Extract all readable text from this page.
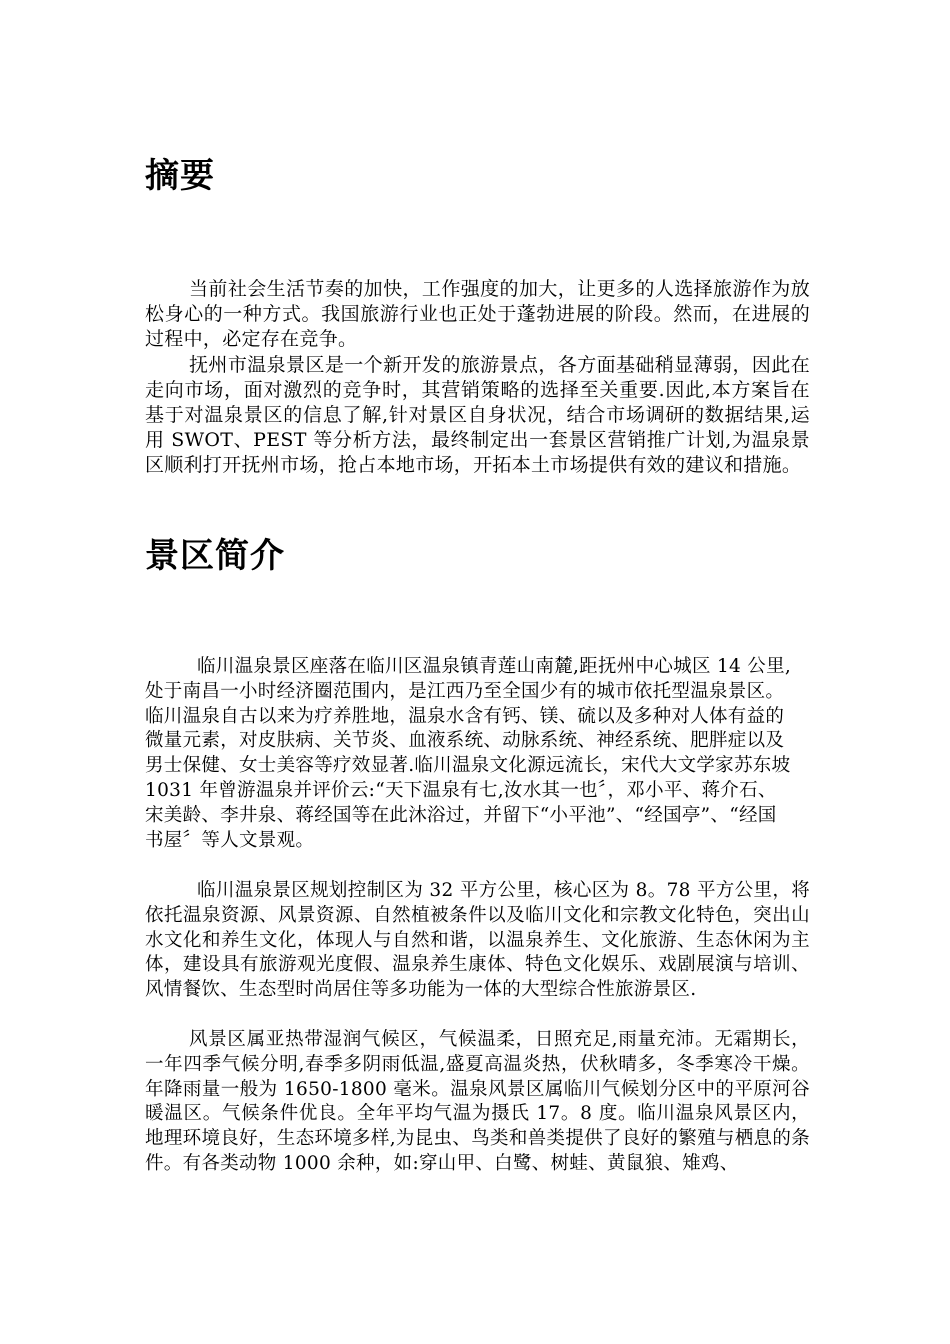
摘要

当前社会生活节奏的加快，工作强度的加大，让更多的人选择旅游作为放松身心的一种方式。我国旅游行业也正处于蓬勃进展的阶段。然而，在进展的过程中，必定存在竞争。

抚州市温泉景区是一个新开发的旅游景点，各方面基础稍显薄弱，因此在走向市场，面对激烈的竞争时，其营销策略的选择至关重要.因此,本方案旨在基于对温泉景区的信息了解,针对景区自身状况，结合市场调研的数据结果,运用 SWOT、PEST 等分析方法，最终制定出一套景区营销推广计划,为温泉景区顺利打开抚州市场，抢占本地市场，开拓本土市场提供有效的建议和措施。

景区简介

临川温泉景区座落在临川区温泉镇青莲山南麓,距抚州中心城区 14 公里,处于南昌一小时经济圈范围内，是江西乃至全国少有的城市依托型温泉景区。临川温泉自古以来为疗养胜地，温泉水含有钙、镁、硫以及多种对人体有益的微量元素，对皮肤病、关节炎、血液系统、动脉系统、神经系统、肥胖症以及男士保健、女士美容等疗效显著.临川温泉文化源远流长，宋代大文学家苏东坡 1031 年曾游温泉并评价云:“天下温泉有七,汝水其一也〞，邓小平、蒋介石、宋美龄、李井泉、蒋经国等在此沐浴过，并留下“小平池”、“经国亭”、“经国书屋〞等人文景观。

临川温泉景区规划控制区为 32 平方公里，核心区为 8。78 平方公里，将依托温泉资源、风景资源、自然植被条件以及临川文化和宗教文化特色，突出山水文化和养生文化，体现人与自然和谐，以温泉养生、文化旅游、生态休闲为主体，建设具有旅游观光度假、温泉养生康体、特色文化娱乐、戏剧展演与培训、风情餐饮、生态型时尚居住等多功能为一体的大型综合性旅游景区.

风景区属亚热带湿润气候区，气候温柔，日照充足,雨量充沛。无霜期长，一年四季气候分明,春季多阴雨低温,盛夏高温炎热，伏秋晴多，冬季寒冷干燥。年降雨量一般为 1650-1800 毫米。温泉风景区属临川气候划分区中的平原河谷暖温区。气候条件优良。全年平均气温为摄氏 17。8 度。临川温泉风景区内，地理环境良好，生态环境多样,为昆虫、鸟类和兽类提供了良好的繁殖与栖息的条件。有各类动物 1000 余种，如:穿山甲、白鹭、树蛙、黄鼠狼、雉鸡、
